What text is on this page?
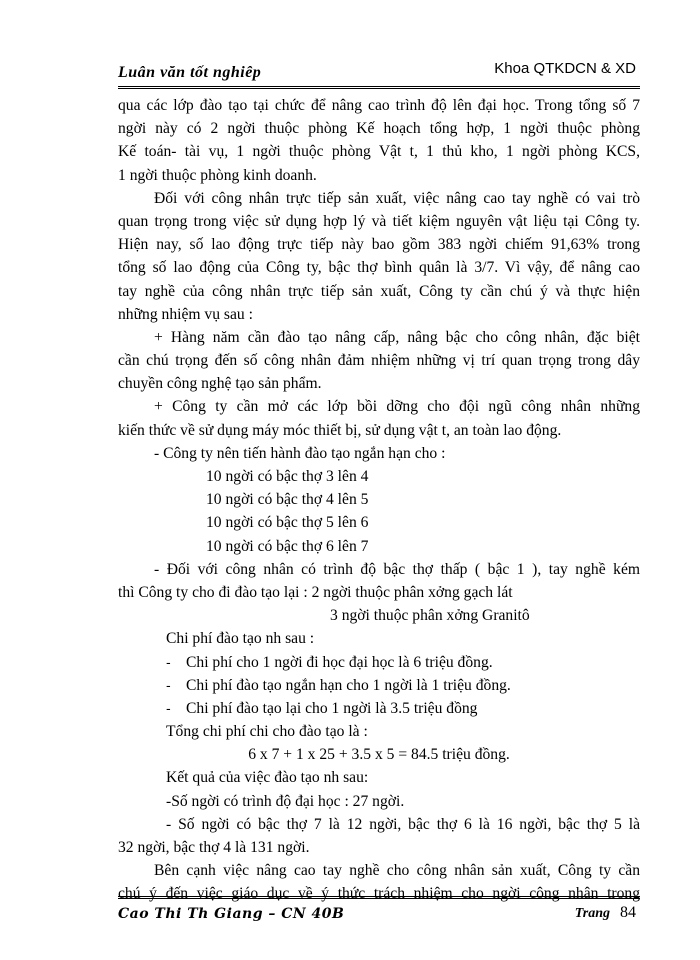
Luân văn tốt nghiêp	Khoa QTKDCN & XD
qua các lớp đào tạo tại chức để nâng cao trình độ lên đại học. Trong tổng số 7
ngời này có 2 ngời thuộc phòng Kế hoạch tổng hợp, 1 ngời thuộc phòng
Kế toán- tài vụ, 1 ngời thuộc phòng Vật t, 1 thủ kho, 1 ngời phòng KCS,
1 ngời thuộc phòng kinh doanh.
Đối với công nhân trực tiếp sản xuất, việc nâng cao tay nghề có vai trò
quan trọng trong việc sử dụng hợp lý và tiết kiệm nguyên vật liệu tại Công ty.
Hiện nay, số lao động trực tiếp này bao gồm 383 ngời chiếm 91,63% trong
tổng số lao động của Công ty, bậc thợ bình quân là 3/7. Vì vậy, để nâng cao
tay nghề của công nhân trực tiếp sản xuất, Công ty cần chú ý và thực hiện
những nhiệm vụ sau :
+ Hàng năm cần đào tạo nâng cấp, nâng bậc cho công nhân, đặc biệt
cần chú trọng đến số công nhân đảm nhiệm những vị trí quan trọng trong dây
chuyền công nghệ tạo sản phẩm.
+ Công ty cần mở các lớp bồi dỡng cho đội ngũ công nhân những
kiến thức về sử dụng máy móc thiết bị, sử dụng vật t, an toàn lao động.
- Công ty nên tiến hành đào tạo ngắn hạn cho :
10 ngời có bậc thợ 3 lên 4
10 ngời có bậc thợ 4 lên 5
10 ngời có bậc thợ 5 lên 6
10 ngời có bậc thợ 6 lên 7
- Đối với công nhân có trình độ bậc thợ thấp ( bậc 1 ), tay nghề kém
thì Công ty cho đi đào tạo lại : 2 ngời thuộc phân xởng gạch lát
3 ngời thuộc phân xởng Granitô
Chi phí đào tạo nh sau :
- Chi phí cho 1 ngời đi học đại học là 6 triệu đồng.
- Chi phí đào tạo ngắn hạn cho 1 ngời là 1 triệu đồng.
- Chi phí đào tạo lại cho 1 ngời là 3.5 triệu đồng
Tổng chi phí chi cho đào tạo là :
6 x 7 + 1 x 25 + 3.5 x 5 = 84.5 triệu đồng.
Kết quả của việc đào tạo nh sau:
-Số ngời có trình độ đại học : 27 ngời.
- Số ngời có bậc thợ 7 là 12 ngời, bậc thợ 6 là 16 ngời, bậc thợ 5 là
32 ngời, bậc thợ 4 là 131 ngời.
Bên cạnh việc nâng cao tay nghề cho công nhân sản xuất, Công ty cần
chú ý đến việc giáo dục về ý thức trách nhiệm cho ngời công nhân trong
Cao Thi Th Giang – CN 40B	Trang 84
